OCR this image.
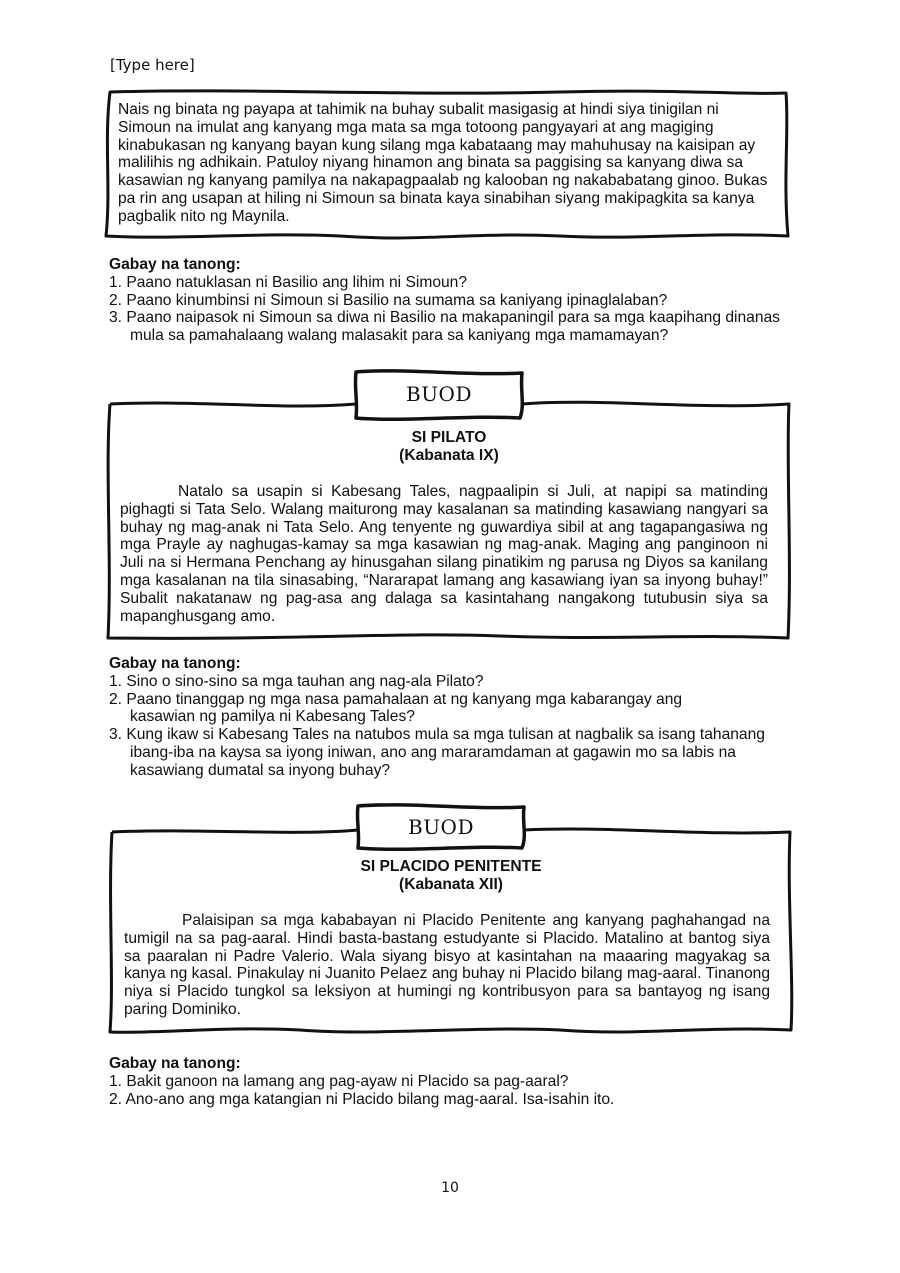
[Type here]
Nais ng binata ng payapa at tahimik na buhay subalit masigasig at hindi siya tinigilan ni Simoun na imulat ang kanyang mga mata sa mga totoong pangyayari at ang magiging kinabukasan ng kanyang bayan kung silang mga kabataang may mahuhusay na kaisipan ay malilihis ng adhikain. Patuloy niyang hinamon ang binata sa paggising sa kanyang diwa sa kasawian ng kanyang pamilya na nakapagpaalab ng kalooban ng nakababatang ginoo. Bukas pa rin ang usapan at hiling ni Simoun sa binata kaya sinabihan siyang makipagkita sa kanya pagbalik nito ng Maynila.
Gabay na tanong:
1. Paano natuklasan ni Basilio ang lihim ni Simoun?
2. Paano kinumbinsi ni Simoun si Basilio na sumama sa kaniyang ipinaglalaban?
3. Paano naipasok ni Simoun sa diwa ni Basilio na makapaningil para sa mga kaapihang dinanas mula sa pamahalaang walang malasakit para sa kaniyang mga mamamayan?
BUOD
SI PILATO
(Kabanata IX)

Natalo sa usapin si Kabesang Tales, nagpaalipin si Juli, at napipi sa matinding pighagti si Tata Selo. Walang maiturong may kasalanan sa matinding kasawiang nangyari sa buhay ng mag-anak ni Tata Selo. Ang tenyente ng guwardiya sibil at ang tagapangasiwa ng mga Prayle ay naghugas-kamay sa mga kasawian ng mag-anak. Maging ang panginoon ni Juli na si Hermana Penchang ay hinusgahan silang pinatikim ng parusa ng Diyos sa kanilang mga kasalanan na tila sinasabing, “Nararapat lamang ang kasawiang iyan sa inyong buhay!” Subalit nakatanaw ng pag-asa ang dalaga sa kasintahang nangakong tutubusin siya sa mapanghusgang amo.

Gabay na tanong:
1. Sino o sino-sino sa mga tauhan ang nag-ala Pilato?
2. Paano tinanggap ng mga nasa pamahalaan at ng kanyang mga kabarangay ang kasawian ng pamilya ni Kabesang Tales?
3. Kung ikaw si Kabesang Tales na natubos mula sa mga tulisan at nagbalik sa isang tahanang ibang-iba na kaysa sa iyong iniwan, ano ang mararamdaman at gagawin mo sa labis na kasawiang dumatal sa inyong buhay?
BUOD
SI PLACIDO PENITENTE
(Kabanata XII)

Palaisipan sa mga kababayan ni Placido Penitente ang kanyang paghahangad na tumigil na sa pag-aaral. Hindi basta-bastang estudyante si Placido. Matalino at bantog siya sa paaralan ni Padre Valerio. Wala siyang bisyo at kasintahan na maaaring magyakag sa kanya ng kasal. Pinakulay ni Juanito Pelaez ang buhay ni Placido bilang mag-aaral. Tinanong niya si Placido tungkol sa leksiyon at humingi ng kontribusyon para sa bantayog ng isang paring Dominiko.

Gabay na tanong:
1. Bakit ganoon na lamang ang pag-ayaw ni Placido sa pag-aaral?
2. Ano-ano ang mga katangian ni Placido bilang mag-aaral. Isa-isahin ito.
10
